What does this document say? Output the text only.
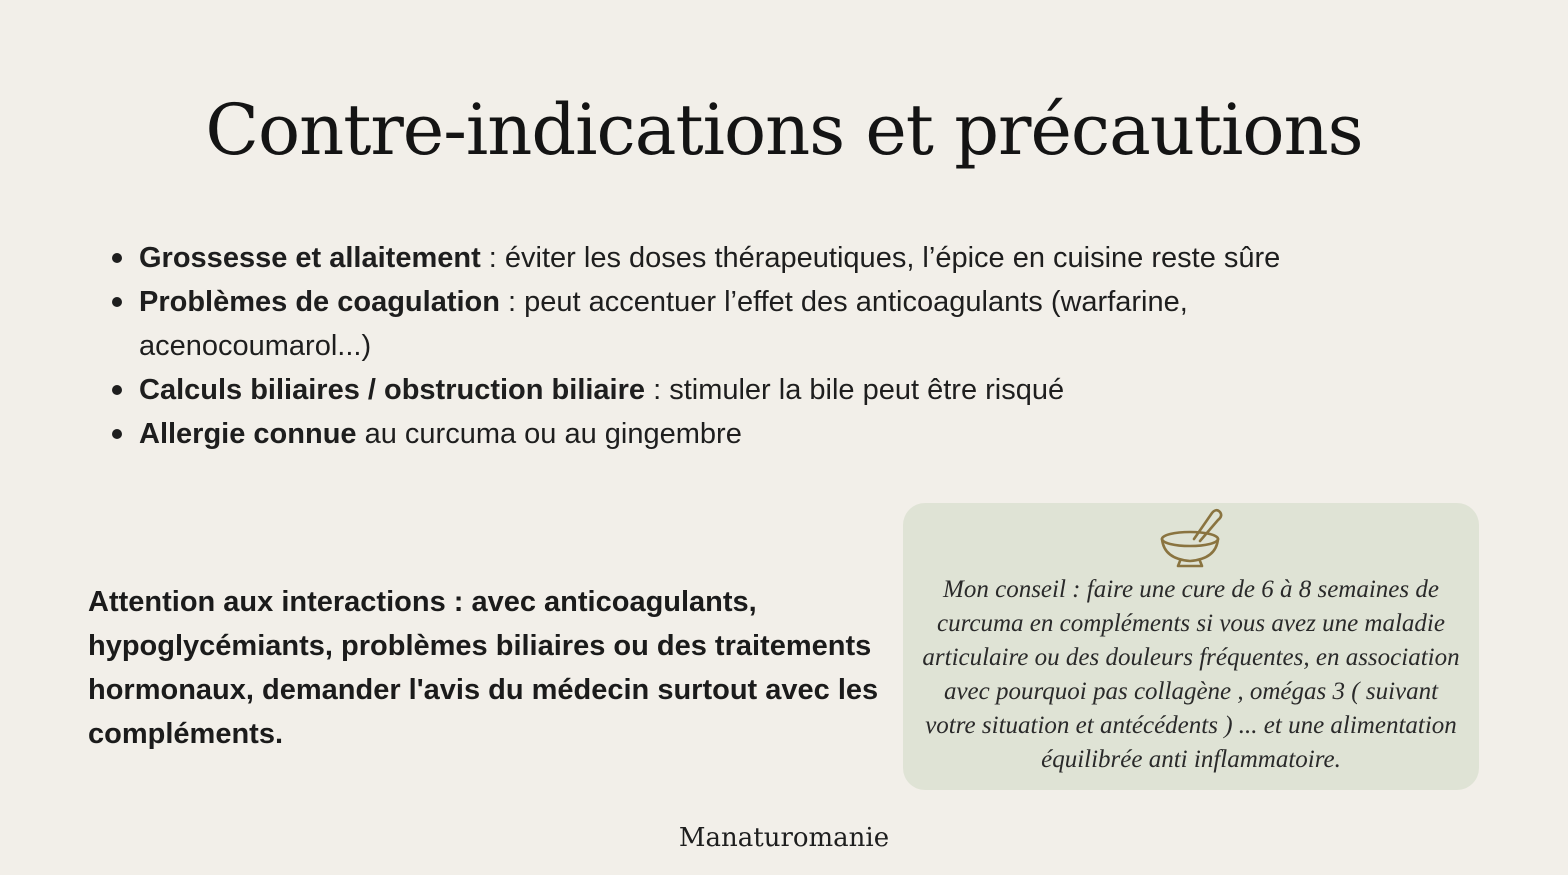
Contre-indications et précautions
Grossesse et allaitement : éviter les doses thérapeutiques, l’épice en cuisine reste sûre
Problèmes de coagulation : peut accentuer l’effet des anticoagulants (warfarine, acenocoumarol...)
Calculs biliaires / obstruction biliaire : stimuler la bile peut être risqué
Allergie connue au curcuma ou au gingembre

Attention aux interactions : avec anticoagulants, hypoglycémiants, problèmes biliaires ou des traitements hormonaux, demander l'avis du médecin surtout avec les compléments.

Mon conseil : faire une cure de 6 à 8 semaines de curcuma en compléments si vous avez une maladie articulaire ou des douleurs fréquentes, en association avec pourquoi pas collagène , omégas 3 ( suivant votre situation et antécédents ) ... et une alimentation équilibrée anti inflammatoire.

Manaturomanie
